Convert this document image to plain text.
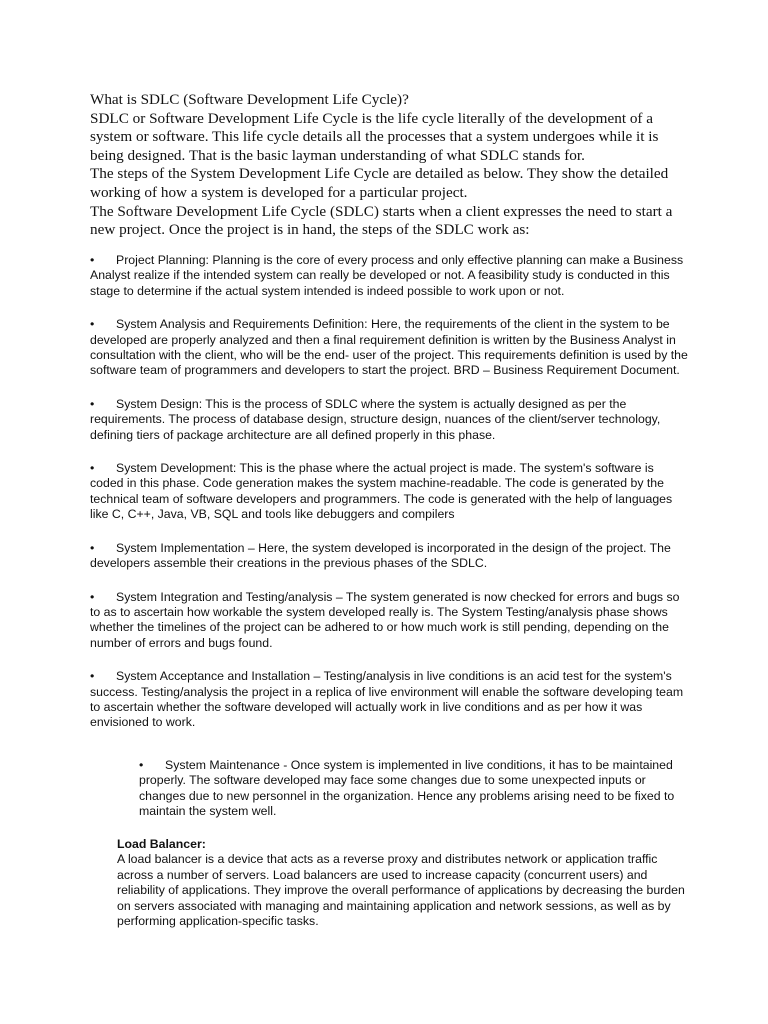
What is SDLC (Software Development Life Cycle)?

SDLC or Software Development Life Cycle is the life cycle literally of the development of a system or software. This life cycle details all the processes that a system undergoes while it is being designed. That is the basic layman understanding of what SDLC stands for.

The steps of the System Development Life Cycle are detailed as below. They show the detailed working of how a system is developed for a particular project.

The Software Development Life Cycle (SDLC) starts when a client expresses the need to start a new project. Once the project is in hand, the steps of the SDLC work as:

• Project Planning: Planning is the core of every process and only effective planning can make a Business Analyst realize if the intended system can really be developed or not. A feasibility study is conducted in this stage to determine if the actual system intended is indeed possible to work upon or not.

• System Analysis and Requirements Definition: Here, the requirements of the client in the system to be developed are properly analyzed and then a final requirement definition is written by the Business Analyst in consultation with the client, who will be the end- user of the project. This requirements definition is used by the software team of programmers and developers to start the project. BRD – Business Requirement Document.

• System Design: This is the process of SDLC where the system is actually designed as per the requirements. The process of database design, structure design, nuances of the client/server technology, defining tiers of package architecture are all defined properly in this phase.

• System Development: This is the phase where the actual project is made. The system's software is coded in this phase. Code generation makes the system machine-readable. The code is generated by the technical team of software developers and programmers. The code is generated with the help of languages like C, C++, Java, VB, SQL and tools like debuggers and compilers

• System Implementation – Here, the system developed is incorporated in the design of the project. The developers assemble their creations in the previous phases of the SDLC.

• System Integration and Testing/analysis – The system generated is now checked for errors and bugs so to as to ascertain how workable the system developed really is. The System Testing/analysis phase shows whether the timelines of the project can be adhered to or how much work is still pending, depending on the number of errors and bugs found.

• System Acceptance and Installation – Testing/analysis in live conditions is an acid test for the system's success. Testing/analysis the project in a replica of live environment will enable the software developing team to ascertain whether the software developed will actually work in live conditions and as per how it was envisioned to work.

• System Maintenance - Once system is implemented in live conditions, it has to be maintained properly. The software developed may face some changes due to some unexpected inputs or changes due to new personnel in the organization. Hence any problems arising need to be fixed to maintain the system well.

Load Balancer:

A load balancer is a device that acts as a reverse proxy and distributes network or application traffic across a number of servers. Load balancers are used to increase capacity (concurrent users) and reliability of applications. They improve the overall performance of applications by decreasing the burden on servers associated with managing and maintaining application and network sessions, as well as by performing application-specific tasks.
